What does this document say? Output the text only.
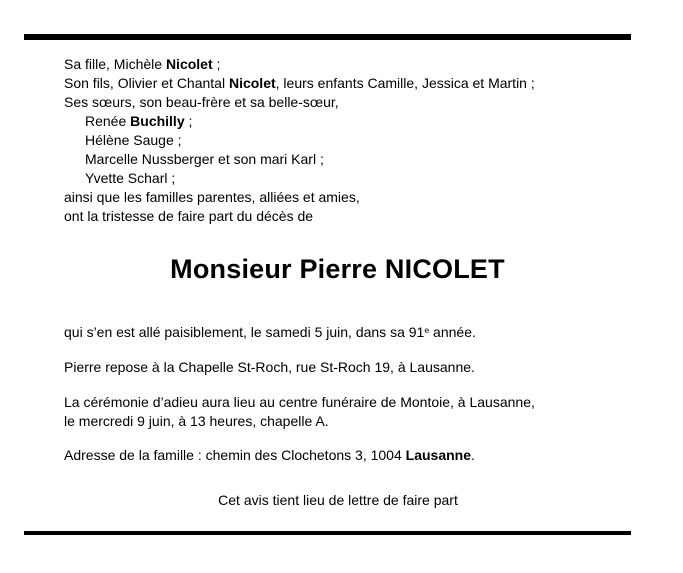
Sa fille, Michèle Nicolet ;
Son fils, Olivier et Chantal Nicolet, leurs enfants Camille, Jessica et Martin ;
Ses sœurs, son beau-frère et sa belle-sœur,
Renée Buchilly ;
Hélène Sauge ;
Marcelle Nussberger et son mari Karl ;
Yvette Scharl ;
ainsi que les familles parentes, alliées et amies,
ont la tristesse de faire part du décès de
Monsieur Pierre NICOLET
qui s’en est allé paisiblement, le samedi 5 juin, dans sa 91e année.
Pierre repose à la Chapelle St-Roch, rue St-Roch 19, à Lausanne.
La cérémonie d’adieu aura lieu au centre funéraire de Montoie, à Lausanne,
le mercredi 9 juin, à 13 heures, chapelle A.
Adresse de la famille : chemin des Clochetons 3, 1004 Lausanne.
Cet avis tient lieu de lettre de faire part
